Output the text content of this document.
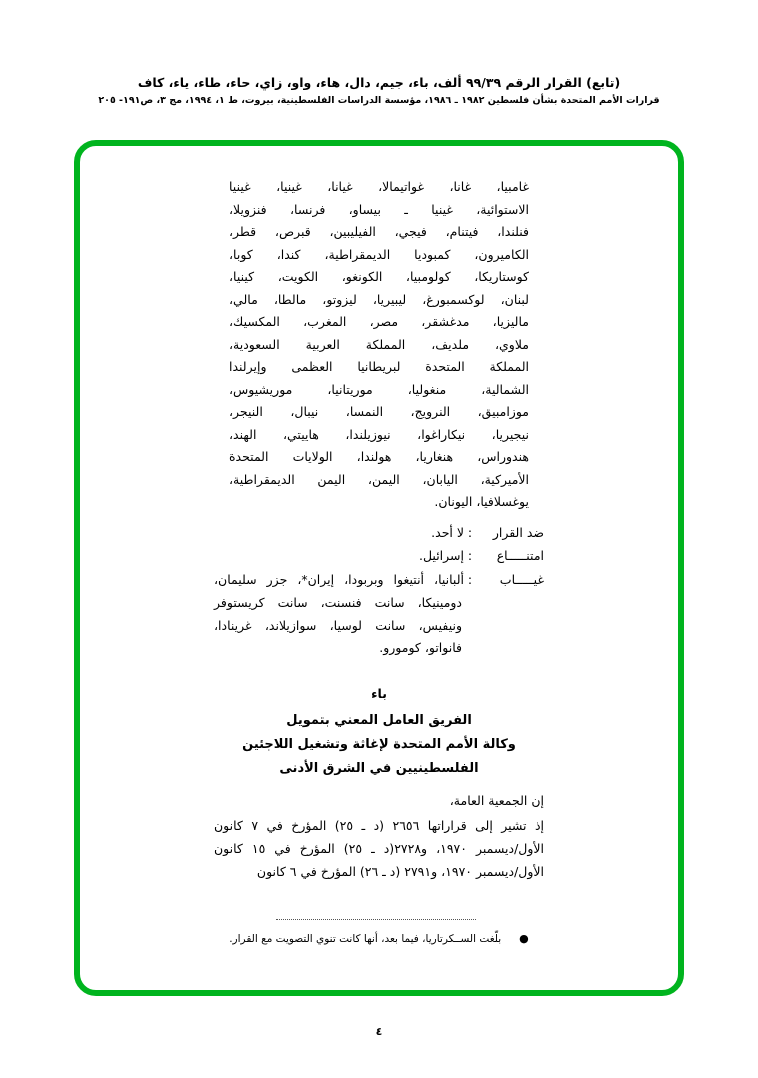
(تابع) القرار الرقم ٩٩/٣٩ ألف، باء، جيم، دال، هاء، واو، زاي، حاء، طاء، ياء، كاف
قرارات الأمم المتحدة بشأن فلسطين ١٩٨٢ ـ ١٩٨٦، مؤسسة الدراسات الفلسطينية، بيروت، ط ١، ١٩٩٤، مج ٣، ص١٩١- ٢٠٥
غامبيا، غانا، غواتيمالا، غيانا، غينيا، غينيا
الاستوائية، غينيا ـ بيساو، فرنسا، فنزويلا،
فنلندا، فيتنام، فيجي، الفيليبين، قبرص، قطر،
الكاميرون، كمبوديا الديمقراطية، كندا، كوبا،
كوستاريكا، كولومبيا، الكونغو، الكويت، كينيا،
لبنان، لوكسمبورغ، ليبيريا، ليزوتو، مالطا، مالي،
ماليزيا، مدغشقر، مصر، المغرب، المكسيك،
ملاوي، ملديف، المملكة العربية السعودية،
المملكة المتحدة لبريطانيا العظمى وإيرلندا
الشمالية، منغوليا، موريتانيا، موريشيوس،
موزامبيق، النرويج، النمسا، نيبال، النيجر،
نيجيريا، نيكاراغوا، نيوزيلندا، هاييتي، الهند،
هندوراس، هنغاريا، هولندا، الولايات المتحدة
الأميركية، اليابان، اليمن، اليمن الديمقراطية،
يوغسلافيا، اليونان.
ضد القرار
:
لا أحد.
امتنـــــاع
:
إسرائيل.
غيـــــاب
:
ألبانيا، أنتيغوا وبربودا، إيران*، جزر سليمان،
دومينيكا، سانت فنسنت، سانت كريستوفر
ونيفيس، سانت لوسيا، سوازيلاند، غرينادا،
فانواتو، كومورو.
باء
الفريق العامل المعني بتمويل
وكالة الأمم المتحدة لإغاثة وتشغيل اللاجئين
الفلسطينيين في الشرق الأدنى
إن الجمعية العامة،
إذ تشير إلى قراراتها ٢٦٥٦ (د ـ ٢٥) المؤرخ في ٧ كانون
الأول/ديسمبر ١٩٧٠، و٢٧٢٨(د ـ ٢٥) المؤرخ في ١٥ كانون
الأول/ديسمبر ١٩٧٠، و٢٧٩١ (د ـ ٢٦) المؤرخ في ٦ كانون
●
بلّغت الســكرتاريا، فيما بعد، أنها كانت تنوي التصويت مع القرار.
٤
